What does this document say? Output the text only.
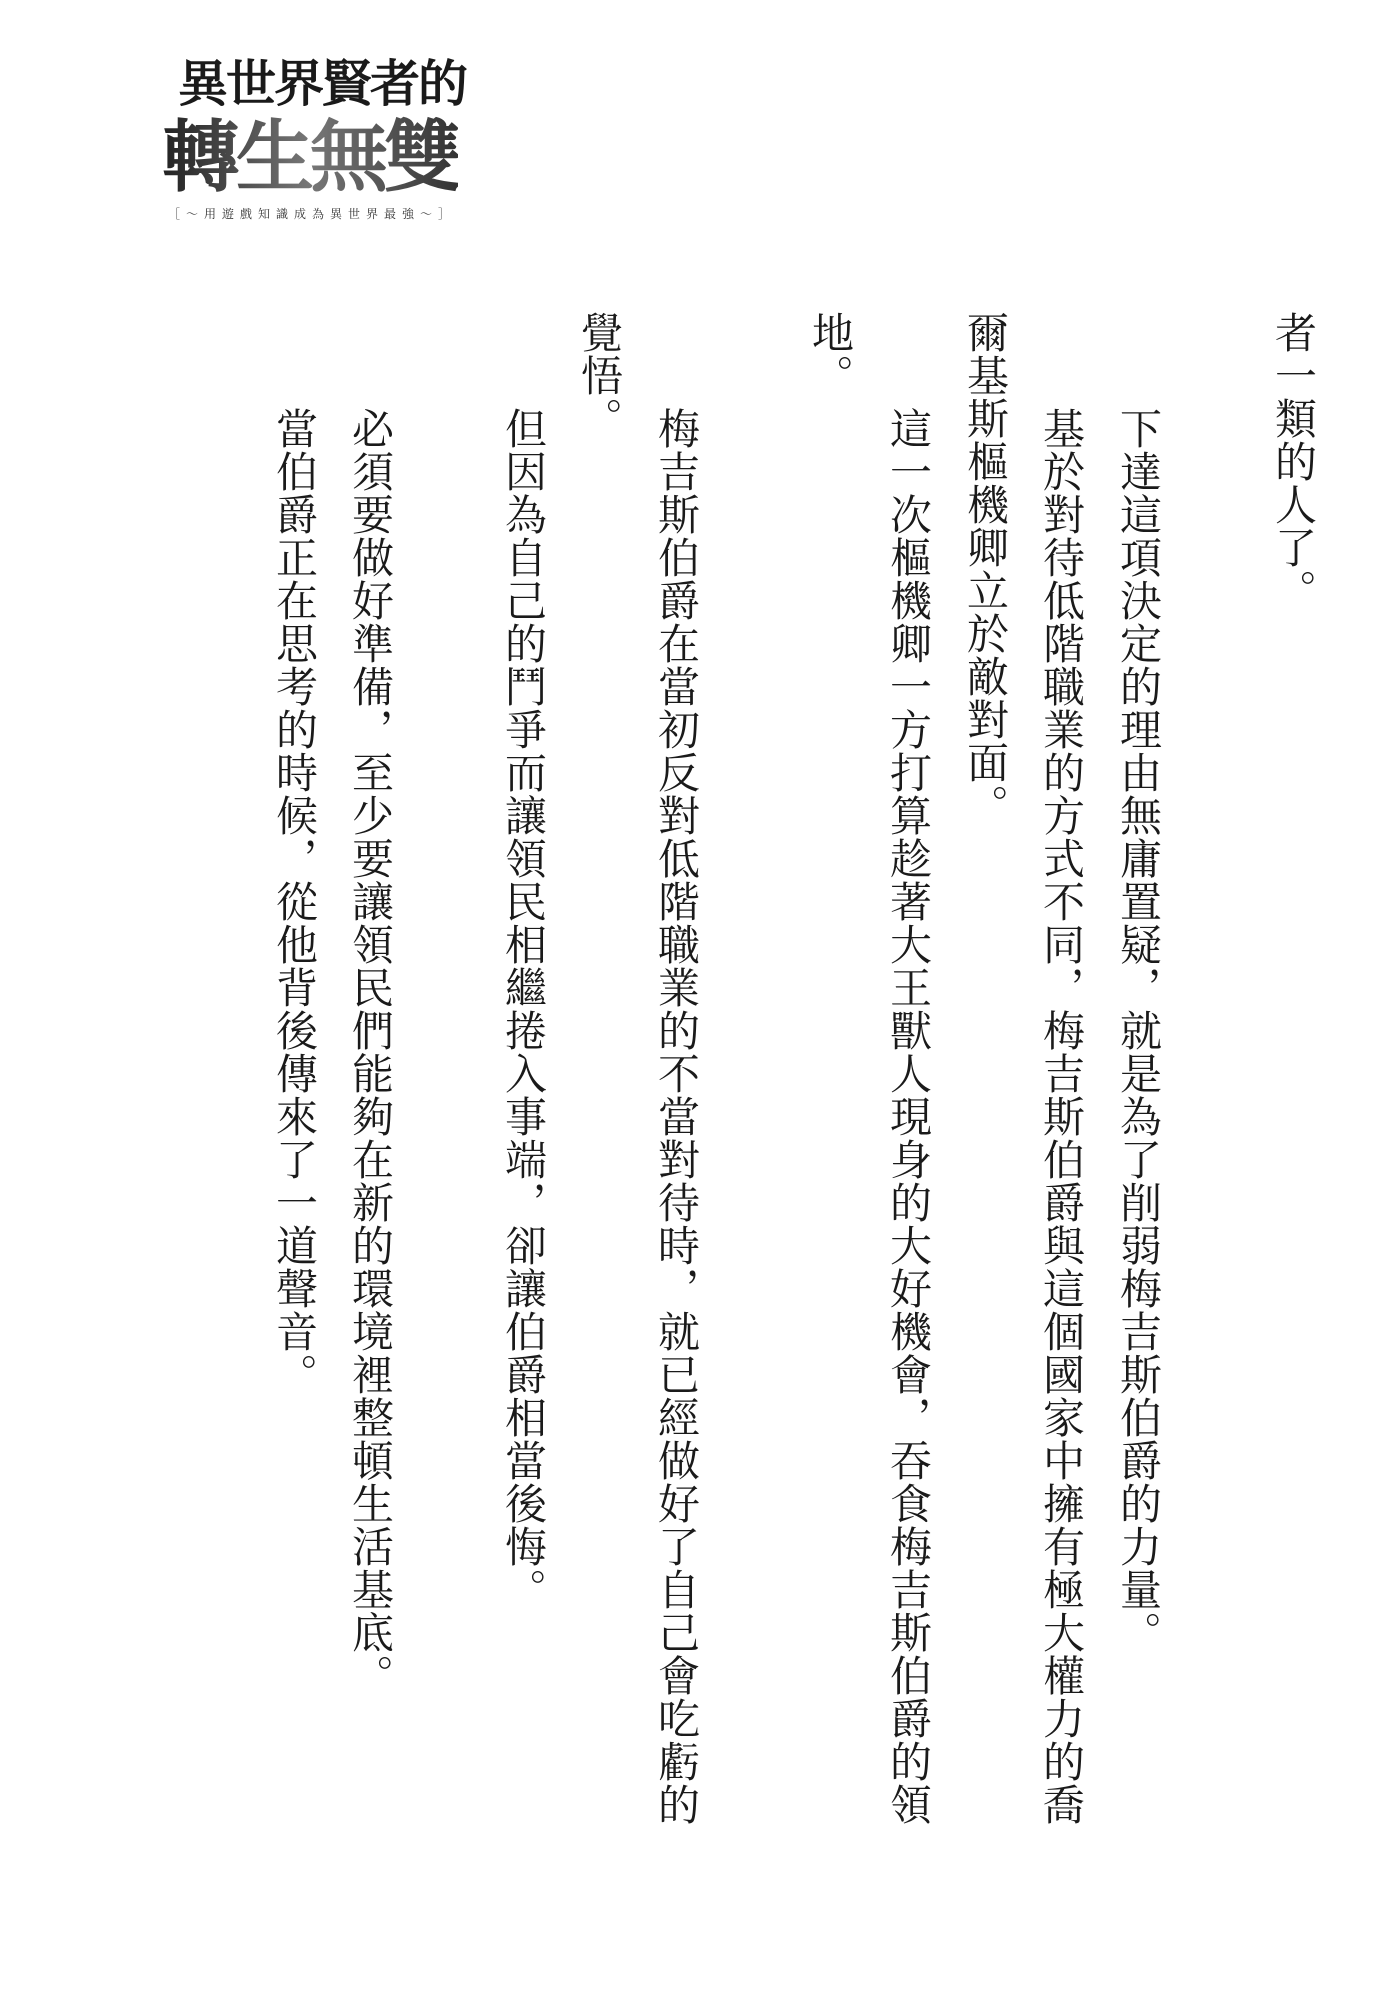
異世界賢者的
轉生無雙
［～用遊戲知識成為異世界最強～］
者一類的人了。
下達這項決定的理由無庸置疑，就是為了削弱梅吉斯伯爵的力量。
基於對待低階職業的方式不同，梅吉斯伯爵與這個國家中擁有極大權力的喬
爾基斯樞機卿立於敵對面。
這一次樞機卿一方打算趁著大王獸人現身的大好機會，吞食梅吉斯伯爵的領
地。
梅吉斯伯爵在當初反對低階職業的不當對待時，就已經做好了自己會吃虧的
覺悟。
但因為自己的鬥爭而讓領民相繼捲入事端，卻讓伯爵相當後悔。
必須要做好準備，至少要讓領民們能夠在新的環境裡整頓生活基底。
當伯爵正在思考的時候，從他背後傳來了一道聲音。
